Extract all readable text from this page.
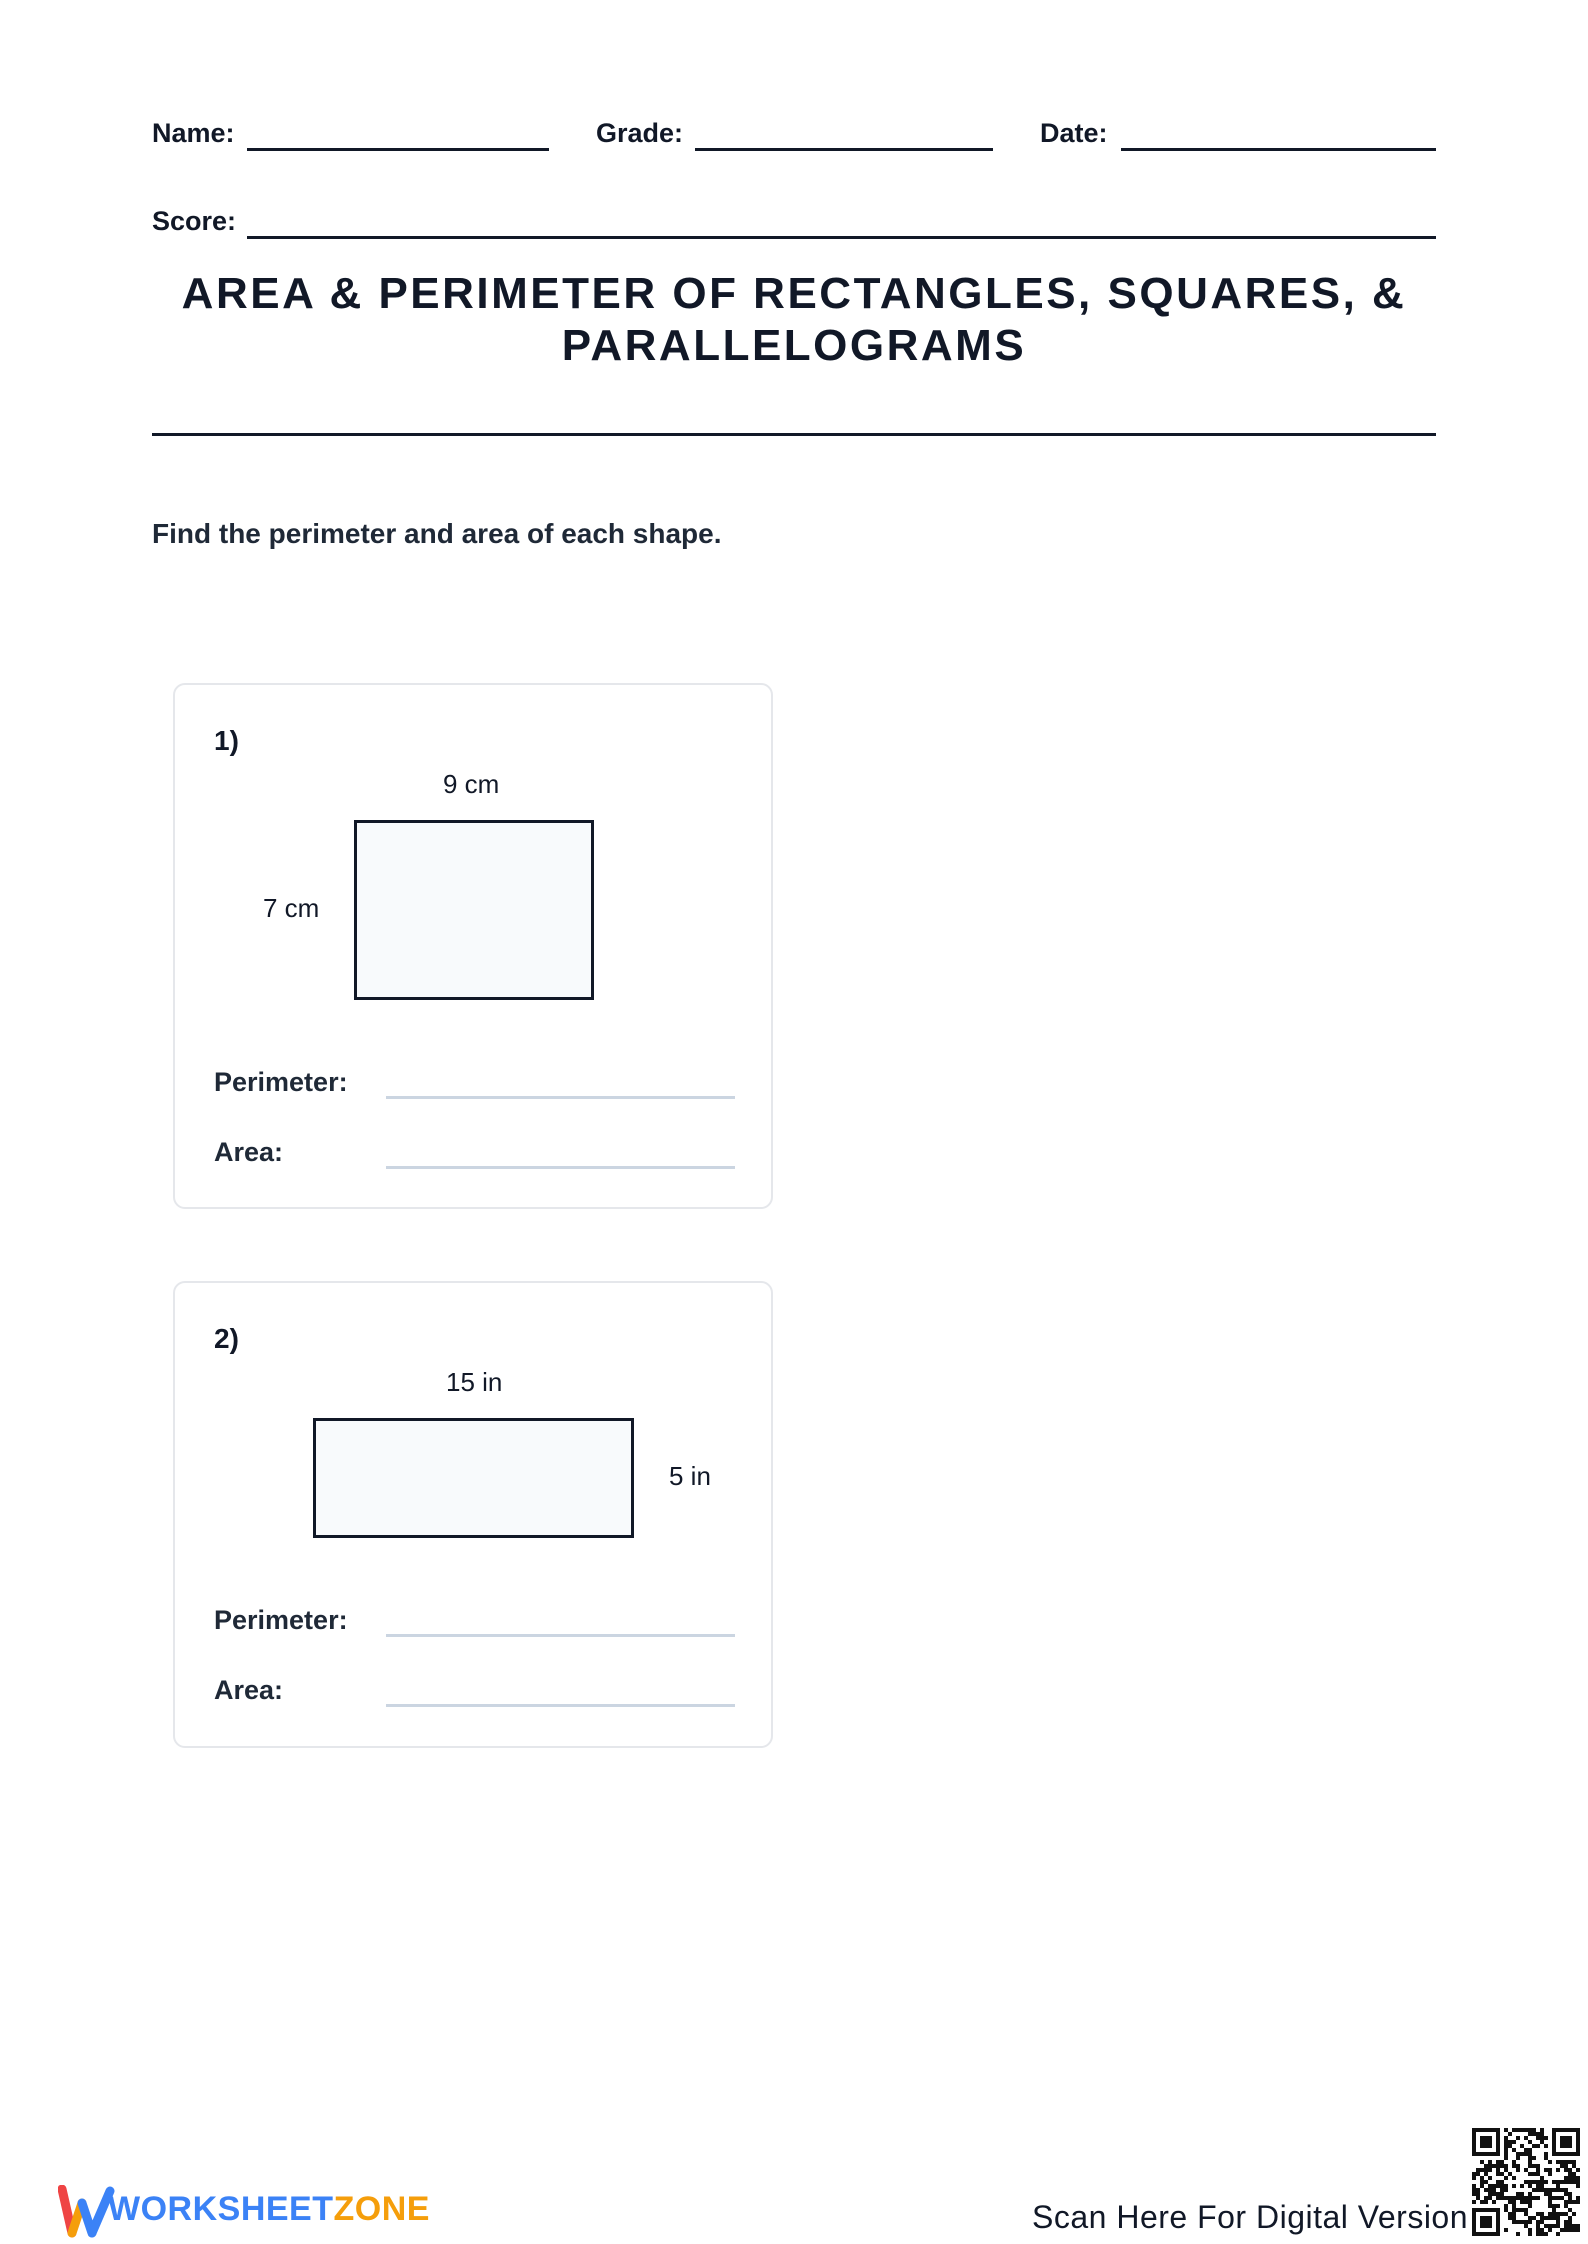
Name:	Grade:	Date:
Score:
AREA & PERIMETER OF RECTANGLES, SQUARES, &
PARALLELOGRAMS
Find the perimeter and area of each shape.
1)
9 cm
7 cm
Perimeter:
Area:
2)
15 in
5 in
Perimeter:
Area:
WORKSHEETZONE	Scan Here For Digital Version
